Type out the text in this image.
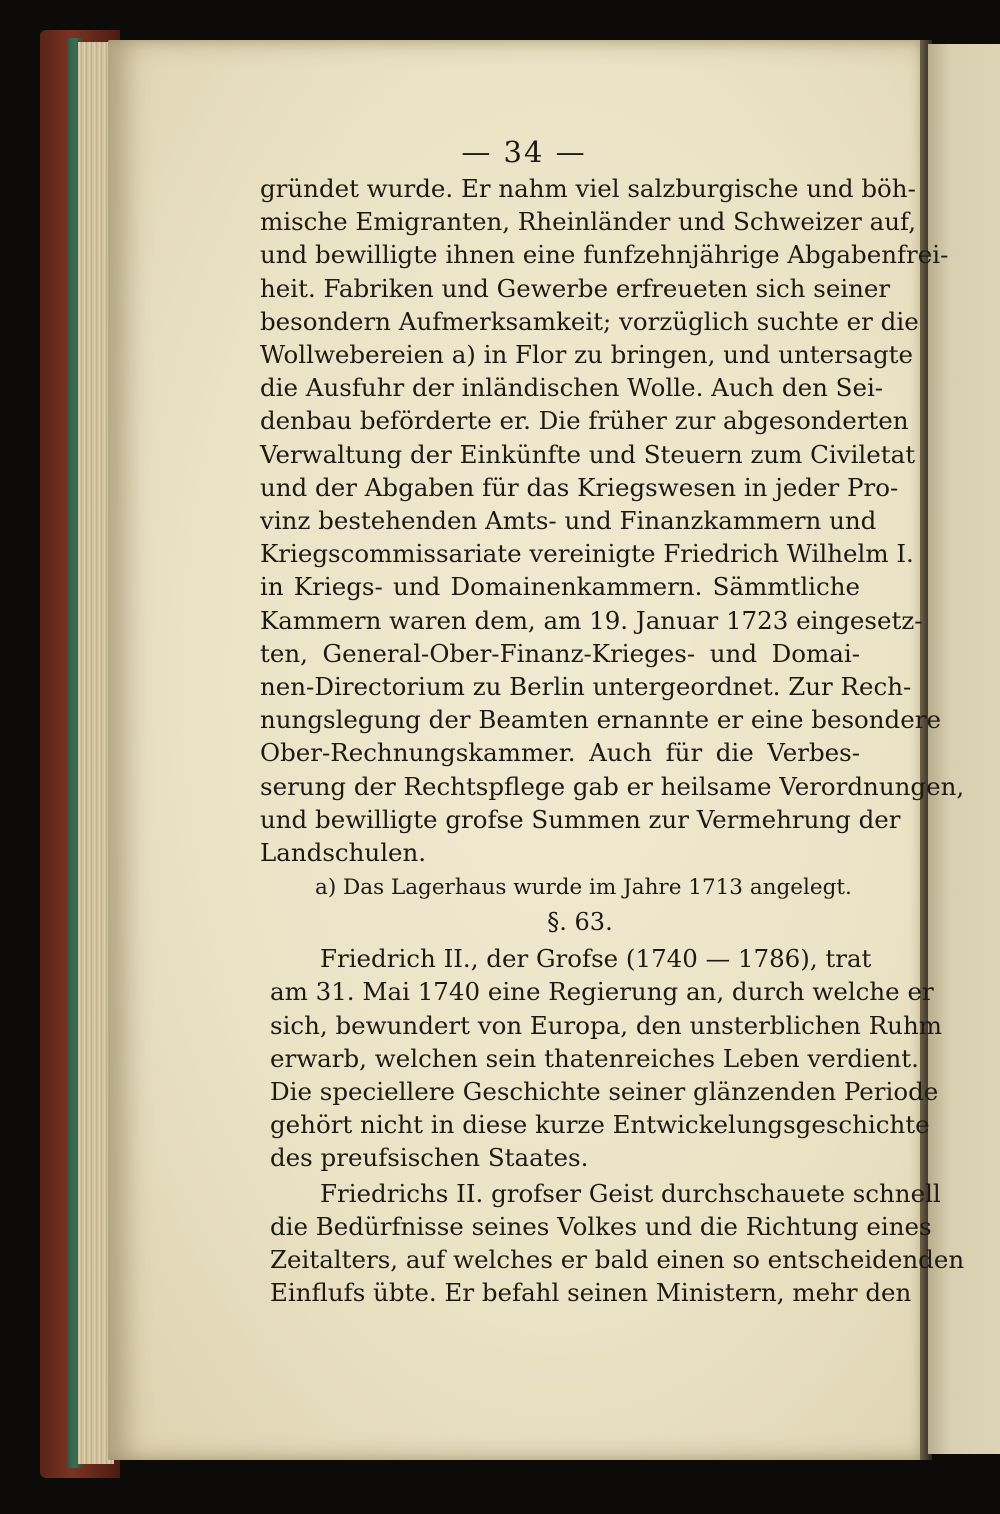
— 34 —
gründet wurde. Er nahm viel salzburgische und böh-
mische Emigranten, Rheinländer und Schweizer auf,
und bewilligte ihnen eine funfzehnjährige Abgabenfrei-
heit. Fabriken und Gewerbe erfreueten sich seiner
besondern Aufmerksamkeit; vorzüglich suchte er die
Wollwebereien a) in Flor zu bringen, und untersagte
die Ausfuhr der inländischen Wolle. Auch den Sei-
denbau beförderte er. Die früher zur abgesonderten
Verwaltung der Einkünfte und Steuern zum Civiletat
und der Abgaben für das Kriegswesen in jeder Pro-
vinz bestehenden Amts- und Finanzkammern und
Kriegscommissariate vereinigte Friedrich Wilhelm I.
in Kriegs- und Domainenkammern. Sämmtliche
Kammern waren dem, am 19. Januar 1723 eingesetz-
ten, General-Ober-Finanz-Krieges- und Domai-
nen-Directorium zu Berlin untergeordnet. Zur Rech-
nungslegung der Beamten ernannte er eine besondere
Ober-Rechnungskammer. Auch für die Verbes-
serung der Rechtspflege gab er heilsame Verordnungen,
und bewilligte grofse Summen zur Vermehrung der
Landschulen.
a) Das Lagerhaus wurde im Jahre 1713 angelegt.
§. 63.
Friedrich II., der Grofse (1740 — 1786), trat
am 31. Mai 1740 eine Regierung an, durch welche er
sich, bewundert von Europa, den unsterblichen Ruhm
erwarb, welchen sein thatenreiches Leben verdient.
Die speciellere Geschichte seiner glänzenden Periode
gehört nicht in diese kurze Entwickelungsgeschichte
des preufsischen Staates.
Friedrichs II. grofser Geist durchschauete schnell
die Bedürfnisse seines Volkes und die Richtung eines
Zeitalters, auf welches er bald einen so entscheidenden
Einflufs übte. Er befahl seinen Ministern, mehr den
